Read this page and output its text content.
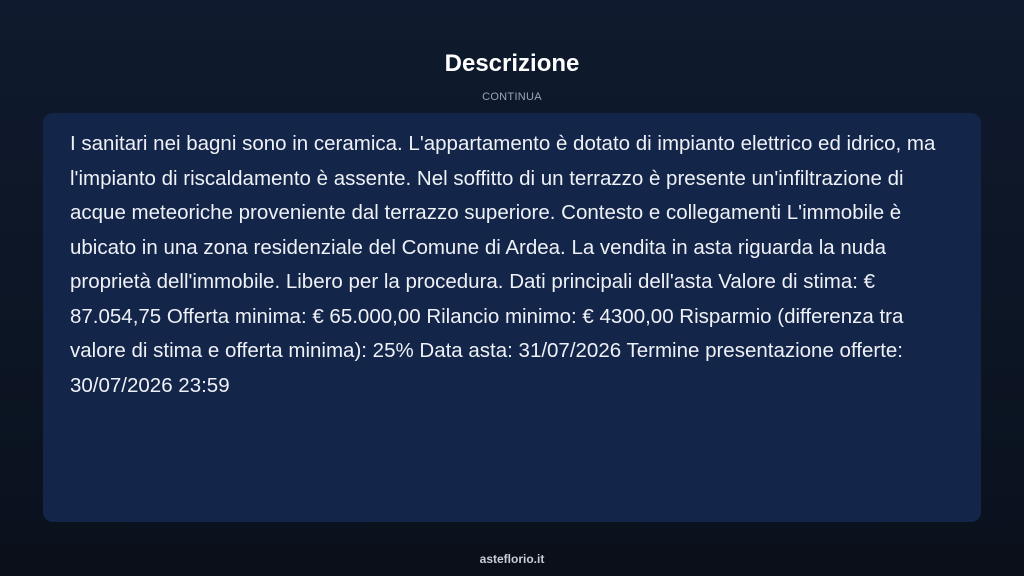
Descrizione
CONTINUA

I sanitari nei bagni sono in ceramica. L'appartamento è dotato di impianto elettrico ed idrico, ma l'impianto di riscaldamento è assente. Nel soffitto di un terrazzo è presente un'infiltrazione di acque meteoriche proveniente dal terrazzo superiore. Contesto e collegamenti L'immobile è ubicato in una zona residenziale del Comune di Ardea. La vendita in asta riguarda la nuda proprietà dell'immobile. Libero per la procedura. Dati principali dell'asta Valore di stima: € 87.054,75 Offerta minima: € 65.000,00 Rilancio minimo: € 4300,00 Risparmio (differenza tra valore di stima e offerta minima): 25% Data asta: 31/07/2026 Termine presentazione offerte: 30/07/2026 23:59

asteflorio.it
